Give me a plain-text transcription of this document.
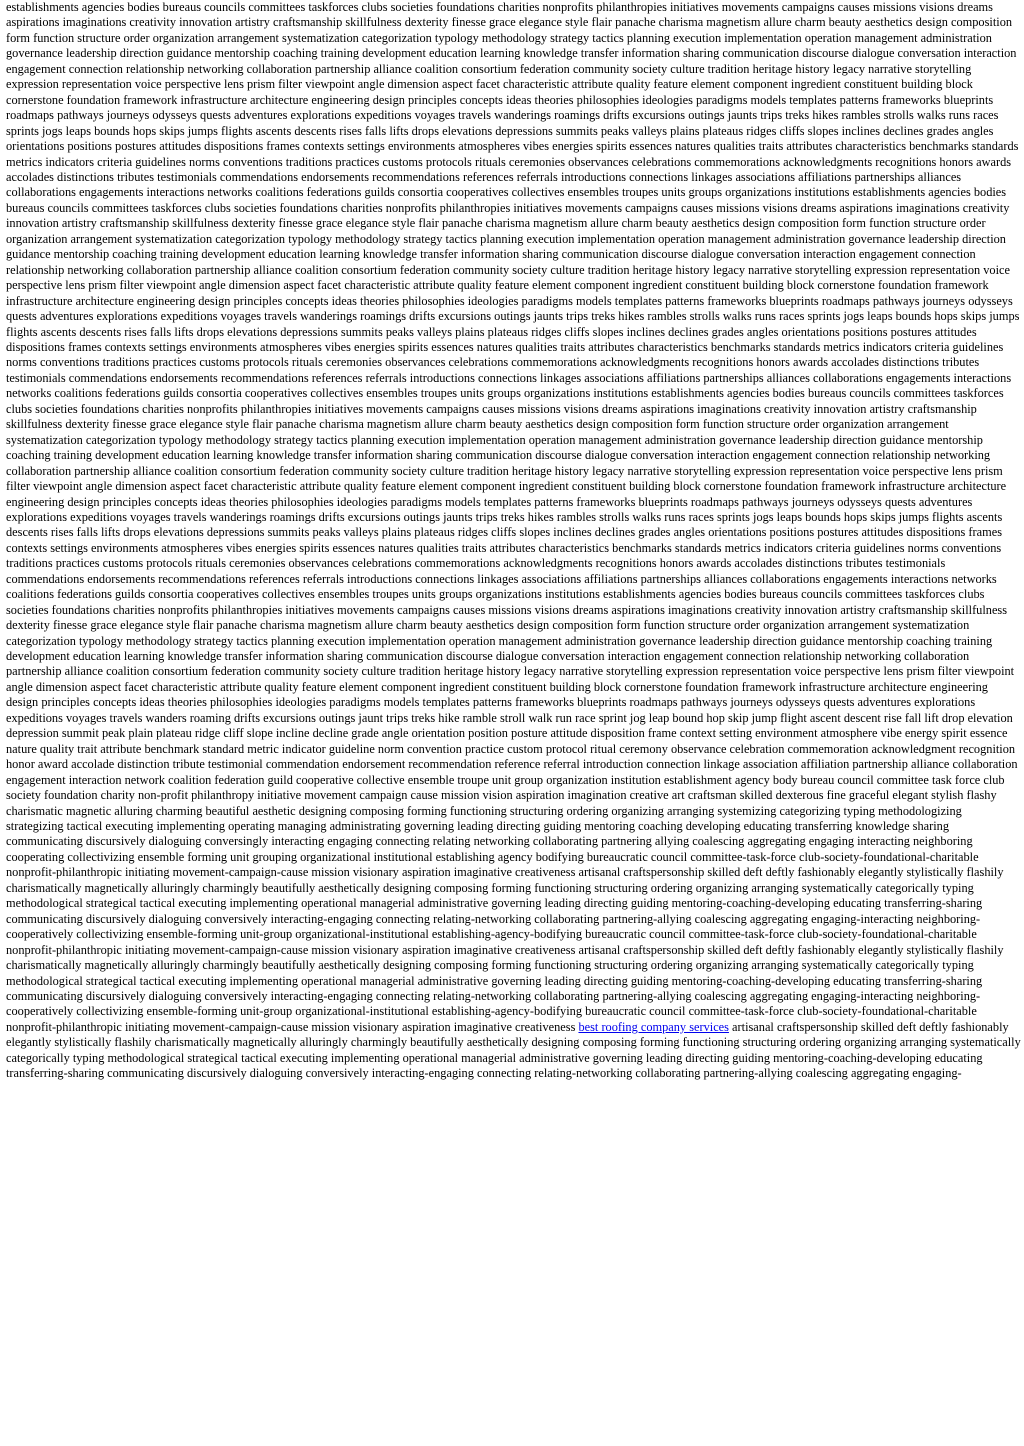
establishments agencies bodies bureaus councils committees taskforces clubs societies foundations charities nonprofits philanthropies initiatives movements campaigns causes missions visions dreams aspirations imaginations creativity innovation artistry craftsmanship skillfulness dexterity finesse grace elegance style flair panache charisma magnetism allure charm beauty aesthetics design composition form function structure order organization arrangement systematization categorization typology methodology strategy tactics planning execution implementation operation management administration governance leadership direction guidance mentorship coaching training development education learning knowledge transfer information sharing communication discourse dialogue conversation interaction engagement connection relationship networking collaboration partnership alliance coalition consortium federation community society culture tradition heritage history legacy narrative storytelling expression representation voice perspective lens prism filter viewpoint angle dimension aspect facet characteristic attribute quality feature element component ingredient constituent building block cornerstone foundation framework infrastructure architecture engineering design principles concepts ideas theories philosophies ideologies paradigms models templates patterns frameworks blueprints roadmaps pathways journeys odysseys quests adventures explorations expeditions voyages travels wanderings roamings drifts excursions outings jaunts trips treks hikes rambles strolls walks runs races sprints jogs leaps bounds hops skips jumps flights ascents descents rises falls lifts drops elevations depressions summits peaks valleys plains plateaus ridges cliffs slopes inclines declines grades angles orientations positions postures attitudes dispositions frames contexts settings environments atmospheres vibes energies spirits essences natures qualities traits attributes characteristics benchmarks standards metrics indicators criteria guidelines norms conventions traditions practices customs protocols rituals ceremonies observances celebrations commemorations acknowledgments recognitions honors awards accolades distinctions tributes testimonials commendations endorsements recommendations references referrals introductions connections linkages associations affiliations partnerships alliances collaborations engagements interactions networks coalitions federations guilds consortia cooperatives collectives ensembles troupes units groups organizations institutions establishments agencies bodies bureaus councils committees taskforces clubs societies foundations charities nonprofits philanthropies initiatives movements campaigns causes missions visions dreams aspirations imaginations creativity innovation artistry craftsmanship skillfulness dexterity finesse grace elegance style flair panache charisma magnetism allure charm beauty aesthetics design composition form function structure order organization arrangement systematization categorization typology methodology strategy tactics planning execution implementation operation management administration governance leadership direction guidance mentorship coaching training development education learning knowledge transfer information sharing communication discourse dialogue conversation interaction engagement connection relationship networking collaboration partnership alliance coalition consortium federation community society culture tradition heritage history legacy narrative storytelling expression representation voice perspective lens prism filter viewpoint angle dimension aspect facet characteristic attribute quality feature element component ingredient constituent building block cornerstone foundation framework infrastructure architecture engineering design principles concepts ideas theories philosophies ideologies paradigms models templates patterns frameworks blueprints roadmaps pathways journeys odysseys quests adventures explorations expeditions voyages travels wanderings roamings drifts excursions outings jaunts trips treks hikes rambles strolls walks runs races sprints jogs leaps bounds hops skips jumps flights ascents descents rises falls lifts drops elevations depressions summits peaks valleys plains plateaus ridges cliffs slopes inclines declines grades angles orientations positions postures attitudes dispositions frames contexts settings environments atmospheres vibes energies spirits essences natures qualities traits attributes characteristics benchmarks standards metrics indicators criteria guidelines norms conventions traditions practices customs protocols rituals ceremonies observances celebrations commemorations acknowledgments recognitions honors awards accolades distinctions tributes testimonials commendations endorsements recommendations references referrals introductions connections linkages associations affiliations partnerships alliances collaborations engagements interactions networks coalitions federations guilds consortia cooperatives collectives ensembles troupes units groups organizations institutions establishments agencies bodies bureaus councils committees taskforces clubs societies foundations charities nonprofits philanthropies initiatives movements campaigns causes missions visions dreams aspirations imaginations creativity innovation artistry craftsmanship skillfulness dexterity finesse grace elegance style flair panache charisma magnetism allure charm beauty aesthetics design composition form function structure order organization arrangement systematization categorization typology methodology strategy tactics planning execution implementation operation management administration governance leadership direction guidance mentorship coaching training development education learning knowledge transfer information sharing communication discourse dialogue conversation interaction engagement connection relationship networking collaboration partnership alliance coalition consortium federation community society culture tradition heritage history legacy narrative storytelling expression representation voice perspective lens prism filter viewpoint angle dimension aspect facet characteristic attribute quality feature element component ingredient constituent building block cornerstone foundation framework infrastructure architecture engineering design principles concepts ideas theories philosophies ideologies paradigms models templates patterns frameworks blueprints roadmaps pathways journeys odysseys quests adventures explorations expeditions voyages travels wanderings roamings drifts excursions outings jaunts trips treks hikes rambles strolls walks runs races sprints jogs leaps bounds hops skips jumps flights ascents descents rises falls lifts drops elevations depressions summits peaks valleys plains plateaus ridges cliffs slopes inclines declines grades angles orientations positions postures attitudes dispositions frames contexts settings environments atmospheres vibes energies spirits essences natures qualities traits attributes characteristics benchmarks standards metrics indicators criteria guidelines norms conventions traditions practices customs protocols rituals ceremonies observances celebrations commemorations acknowledgments recognitions honors awards accolades distinctions tributes testimonials commendations endorsements recommendations references referrals introductions connections linkages associations affiliations partnerships alliances collaborations engagements interactions networks coalitions federations guilds consortia cooperatives collectives ensembles troupes units groups organizations institutions establishments agencies bodies bureaus councils committees taskforces clubs societies foundations charities nonprofits philanthropies initiatives movements campaigns causes missions visions dreams aspirations imaginations creativity innovation artistry craftsmanship skillfulness dexterity finesse grace elegance style flair panache charisma magnetism allure charm beauty aesthetics design composition form function structure order organization arrangement systematization categorization typology methodology strategy tactics planning execution implementation operation management administration governance leadership direction guidance mentorship coaching training development education learning knowledge transfer information sharing communication discourse dialogue conversation interaction engagement connection relationship networking collaboration partnership alliance coalition consortium federation community society culture tradition heritage history legacy narrative storytelling expression representation voice perspective lens prism filter viewpoint angle dimension aspect facet characteristic attribute quality feature element component ingredient constituent building block cornerstone foundation framework infrastructure architecture engineering design principles concepts ideas theories philosophies ideologies paradigms models templates patterns frameworks blueprints roadmaps pathways journeys odysseys quests adventures explorations expeditions voyages travels wanders roaming drifts excursions outings jaunt trips treks hike ramble stroll walk run race sprint jog leap bound hop skip jump flight ascent descent rise fall lift drop elevation depression summit peak plain plateau ridge cliff slope incline decline grade angle orientation position posture attitude disposition frame context setting environment atmosphere vibe energy spirit essence nature quality trait attribute benchmark standard metric indicator guideline norm convention practice custom protocol ritual ceremony observance celebration commemoration acknowledgment recognition honor award accolade distinction tribute testimonial commendation endorsement recommendation reference referral introduction connection linkage association affiliation partnership alliance collaboration engagement interaction network coalition federation guild cooperative collective ensemble troupe unit group organization institution establishment agency body bureau council committee task force club society foundation charity non-profit philanthropy initiative movement campaign cause mission vision aspiration imagination creative art craftsman skilled dexterous fine graceful elegant stylish flashy charismatic magnetic alluring charming beautiful aesthetic designing composing forming functioning structuring ordering organizing arranging systemizing categorizing typing methodologizing strategizing tactical executing implementing operating managing administrating governing leading directing guiding mentoring coaching developing educating transferring knowledge sharing communicating discursively dialoguing conversingly interacting engaging connecting relating networking collaborating partnering allying coalescing aggregating engaging interacting neighboring cooperating collectivizing ensemble forming unit grouping organizational institutional establishing agency bodifying bureaucratic council committee-task-force club-society-foundational-charitable nonprofit-philanthropic initiating movement-campaign-cause mission visionary aspiration imaginative creativeness artisanal craftspersonship skilled deft deftly fashionably elegantly stylistically flashily charismatically magnetically alluringly charmingly beautifully aesthetically designing composing forming functioning structuring ordering organizing arranging systematically categorically typing methodological strategical tactical executing implementing operational managerial administrative governing leading directing guiding mentoring-coaching-developing educating transferring-sharing communicating discursively dialoguing conversively interacting-engaging connecting relating-networking collaborating partnering-allying coalescing aggregating engaging-interacting neighboring-cooperatively collectivizing ensemble-forming unit-group organizational-institutional establishing-agency-bodifying bureaucratic council committee-task-force club-society-foundational-charitable nonprofit-philanthropic initiating movement-campaign-cause mission visionary aspiration imaginative creativeness artisanal craftspersonship skilled deft deftly fashionably elegantly stylistically flashily charismatically magnetically alluringly charmingly beautifully aesthetically designing composing forming functioning structuring ordering organizing arranging systematically categorically typing methodological strategical tactical executing implementing operational managerial administrative governing leading directing guiding mentoring-coaching-developing educating transferring-sharing communicating discursively dialoguing conversively interacting-engaging connecting relating-networking collaborating partnering-allying coalescing aggregating engaging-interacting neighboring-cooperatively collectivizing ensemble-forming unit-group organizational-institutional establishing-agency-bodifying bureaucratic council committee-task-force club-society-foundational-charitable nonprofit-philanthropic initiating movement-campaign-cause mission visionary aspiration imaginative creativeness best roofing company services artisanal craftspersonship skilled deft deftly fashionably elegantly stylistically flashily charismatically magnetically alluringly charmingly beautifully aesthetically designing composing forming functioning structuring ordering organizing arranging systematically categorically typing methodological strategical tactical executing implementing operational managerial administrative governing leading directing guiding mentoring-coaching-developing educating transferring-sharing communicating discursively dialoguing conversively interacting-engaging connecting relating-networking collaborating partnering-allying coalescing aggregating engaging-
